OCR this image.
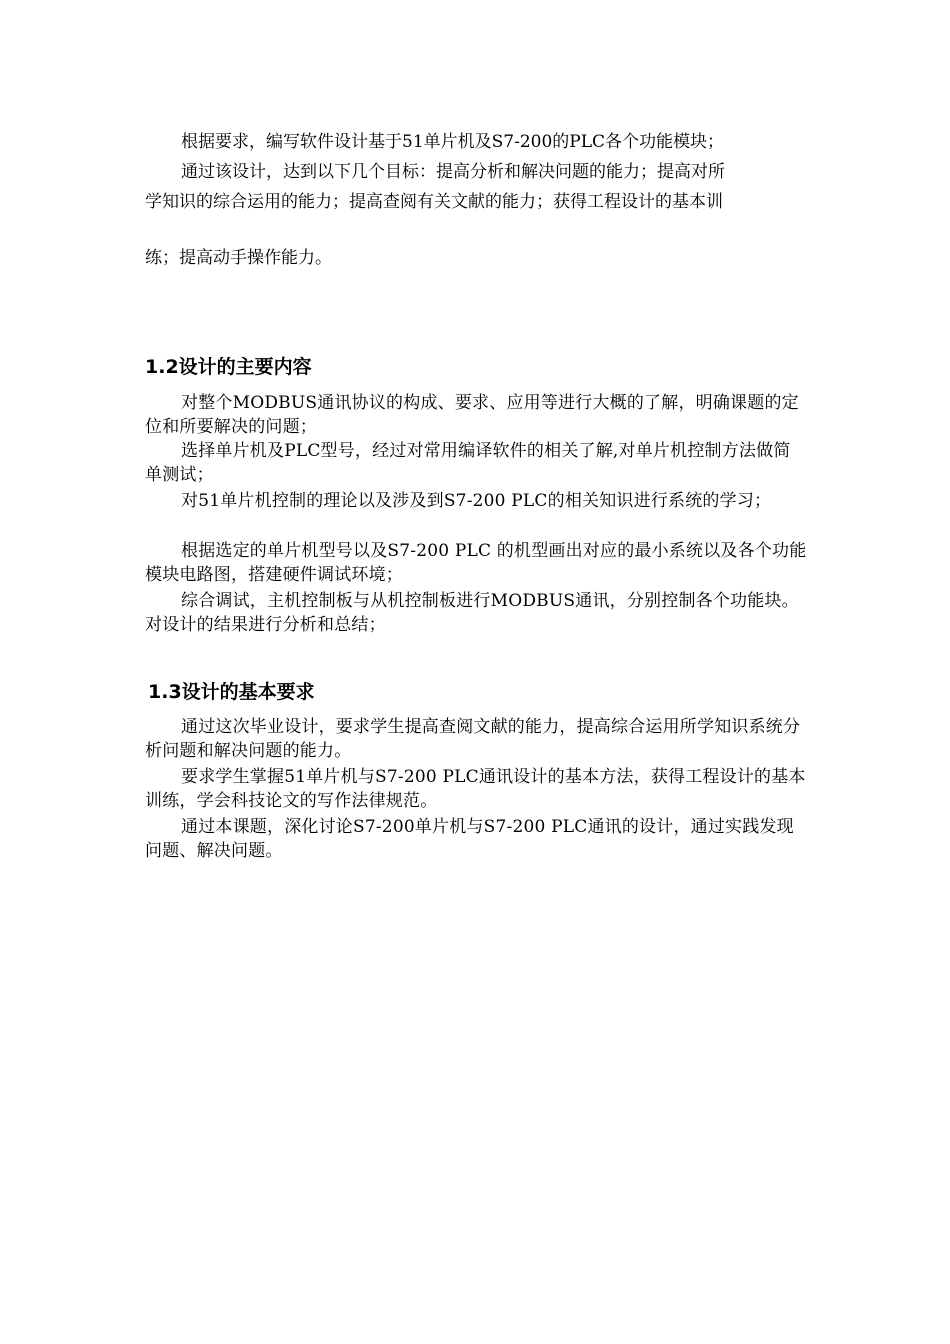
根据要求，编写软件设计基于51单片机及S7-200的PLC各个功能模块；

通过该设计，达到以下几个目标：提高分析和解决问题的能力；提高对所

学知识的综合运用的能力；提高查阅有关文献的能力；获得工程设计的基本训

练；提高动手操作能力。

1.2设计的主要内容

对整个MODBUS通讯协议的构成、要求、应用等进行大概的了解，明确课题的定位和所要解决的问题；

选择单片机及PLC型号，经过对常用编译软件的相关了解,对单片机控制方法做简单测试；

对51单片机控制的理论以及涉及到S7-200 PLC的相关知识进行系统的学习；

根据选定的单片机型号以及S7-200 PLC 的机型画出对应的最小系统以及各个功能模块电路图，搭建硬件调试环境；

综合调试，主机控制板与从机控制板进行MODBUS通讯，分别控制各个功能块。对设计的结果进行分析和总结；

1.3设计的基本要求

通过这次毕业设计，要求学生提高查阅文献的能力，提高综合运用所学知识系统分析问题和解决问题的能力。

要求学生掌握51单片机与S7-200 PLC通讯设计的基本方法，获得工程设计的基本训练，学会科技论文的写作法律规范。

通过本课题，深化讨论S7-200单片机与S7-200 PLC通讯的设计，通过实践发现问题、解决问题。
